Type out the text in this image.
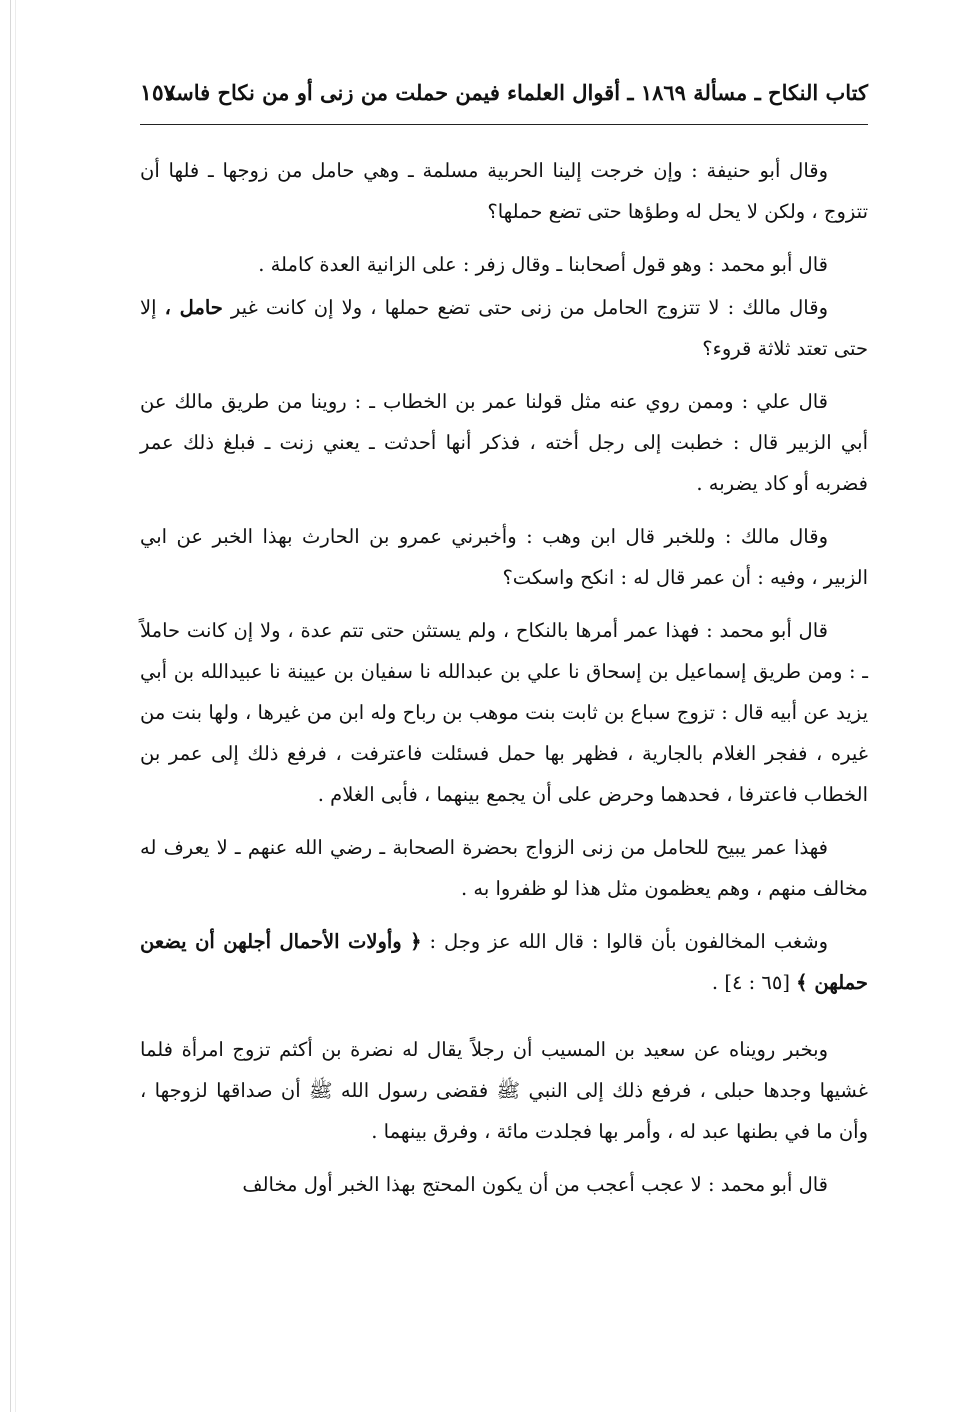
كتاب النكاح ـ مسألة ١٨٦٩ ـ أقوال العلماء فيمن حملت من زنى أو من نكاح فاسد
١٥٧

وقال أبو حنيفة : وإن خرجت إلينا الحربية مسلمة ـ وهي حامل من زوجها ـ فلها أن تتزوج ، ولكن لا يحل له وطؤها حتى تضع حملها؟

قال أبو محمد : وهو قول أصحابنا ـ وقال زفر : على الزانية العدة كاملة .

وقال مالك : لا تتزوج الحامل من زنى حتى تضع حملها ، ولا إن كانت غير حامل ، إلا حتى تعتد ثلاثة قروء؟

قال علي : وممن روي عنه مثل قولنا عمر بن الخطاب ـ : روينا من طريق مالك عن أبي الزبير قال : خطبت إلى رجل أخته ، فذكر أنها أحدثت ـ يعني زنت ـ فبلغ ذلك عمر فضربه أو كاد يضربه .

وقال مالك : وللخبر قال ابن وهب : وأخبرني عمرو بن الحارث بهذا الخبر عن ابي الزبير ، وفيه : أن عمر قال له : انكح واسكت؟

قال أبو محمد : فهذا عمر أمرها بالنكاح ، ولم يستثن حتى تتم عدة ، ولا إن كانت حاملاً ـ : ومن طريق إسماعيل بن إسحاق نا علي بن عبدالله نا سفيان بن عيينة نا عبيدالله بن أبي يزيد عن أبيه قال : تزوج سباع بن ثابت بنت موهب بن رباح وله ابن من غيرها ، ولها بنت من غيره ، ففجر الغلام بالجارية ، فظهر بها حمل فسئلت فاعترفت ، فرفع ذلك إلى عمر بن الخطاب فاعترفا ، فحدهما وحرض على أن يجمع بينهما ، فأبى الغلام .

فهذا عمر يبيح للحامل من زنى الزواج بحضرة الصحابة ـ رضي الله عنهم ـ لا يعرف له مخالف منهم ، وهم يعظمون مثل هذا لو ظفروا به .

وشغب المخالفون بأن قالوا : قال الله عز وجل : ﴿ وأولات الأحمال أجلهن أن يضعن حملهن ﴾ [٦٥ : ٤] .

وبخبر رويناه عن سعيد بن المسيب أن رجلاً يقال له نضرة بن أكثم تزوج امرأة فلما غشيها وجدها حبلى ، فرفع ذلك إلى النبي ﷺ فقضى رسول الله ﷺ أن صداقها لزوجها ، وأن ما في بطنها عبد له ، وأمر بها فجلدت مائة ، وفرق بينهما .

قال أبو محمد : لا عجب أعجب من أن يكون المحتج بهذا الخبر أول مخالف
